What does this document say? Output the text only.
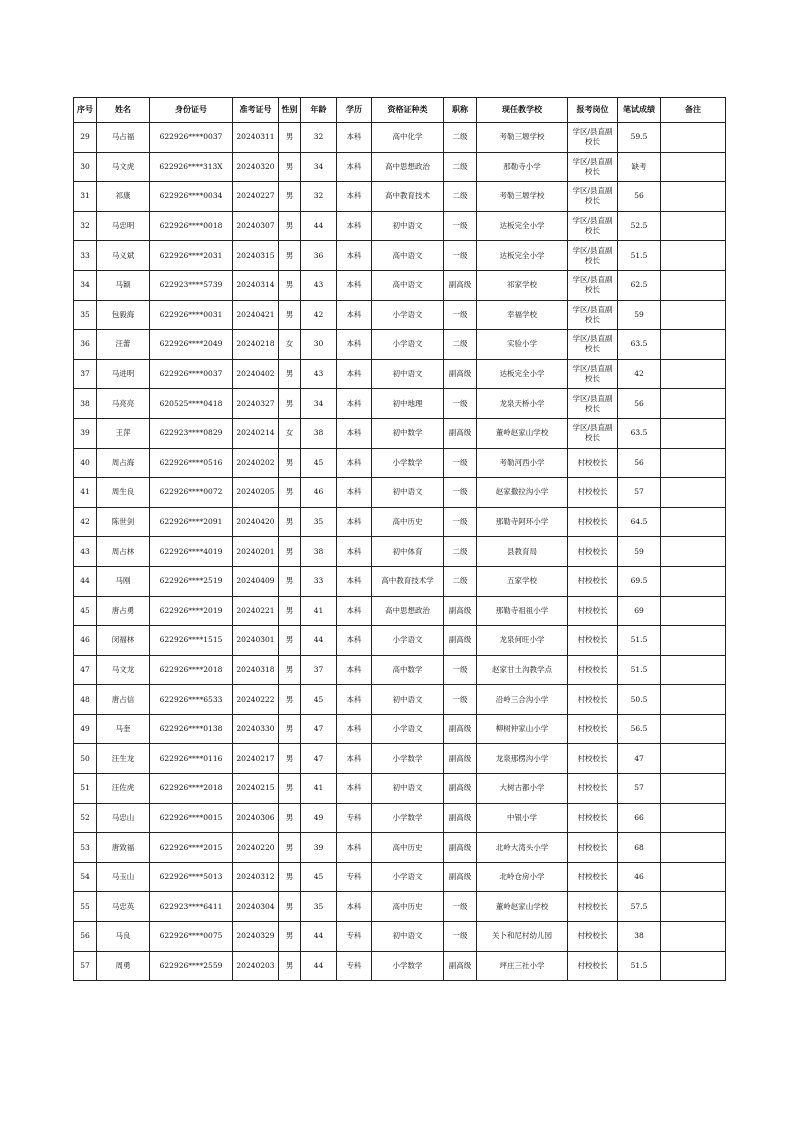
序号	姓名	身份证号	准考证号	性别	年龄	学历	资格证种类	职称	现任教学校	报考岗位	笔试成绩	备注
29	马占福	622926****0037	20240311	男	32	本科	高中化学	二级	考勒三塬学校	学区/县直副校长	59.5	
30	马文虎	622926****313X	20240320	男	34	本科	高中思想政治	二级	那勒寺小学	学区/县直副校长	缺考	
31	祁康	622926****0034	20240227	男	32	本科	高中教育技术	二级	考勒三塬学校	学区/县直副校长	56	
32	马忠明	622926****0018	20240307	男	44	本科	初中语文	一级	达板完全小学	学区/县直副校长	52.5	
33	马义斌	622926****2031	20240315	男	36	本科	高中语文	一级	达板完全小学	学区/县直副校长	51.5	
34	马颖	622923****5739	20240314	男	43	本科	高中语文	副高级	祁家学校	学区/县直副校长	62.5	
35	包毅海	622926****0031	20240421	男	42	本科	小学语文	一级	幸福学校	学区/县直副校长	59	
36	汪蕾	622926****2049	20240218	女	30	本科	小学语文	二级	实验小学	学区/县直副校长	63.5	
37	马进明	622926****0037	20240402	男	43	本科	初中语文	副高级	达板完全小学	学区/县直副校长	42	
38	马亮亮	620525****0418	20240327	男	34	本科	初中地理	一级	龙泉天桥小学	学区/县直副校长	56	
39	王萍	622923****0829	20240214	女	38	本科	初中数学	副高级	董岭赵家山学校	学区/县直副校长	63.5	
40	周占海	622926****0516	20240202	男	45	本科	小学数学	一级	考勒河西小学	村校校长	56	
41	周生良	622926****0072	20240205	男	46	本科	初中语文	一级	赵家撒拉沟小学	村校校长	57	
42	陈世剑	622926****2091	20240420	男	35	本科	高中历史	一级	那勒寺阿环小学	村校校长	64.5	
43	周占林	622926****4019	20240201	男	38	本科	初中体育	二级	县教育局	村校校长	59	
44	马刚	622926****2519	20240409	男	33	本科	高中教育技术学	二级	五家学校	村校校长	69.5	
45	唐占勇	622926****2019	20240221	男	41	本科	高中思想政治	副高级	那勒寺祖祖小学	村校校长	69	
46	闵福林	622926****1515	20240301	男	44	本科	小学语文	副高级	龙泉何旺小学	村校校长	51.5	
47	马文龙	622926****2018	20240318	男	37	本科	高中数学	一级	赵家甘土沟教学点	村校校长	51.5	
48	唐占信	622926****6533	20240222	男	45	本科	初中语文	一级	沿岭三合沟小学	村校校长	50.5	
49	马奎	622926****0138	20240330	男	47	本科	小学语文	副高级	柳树仲家山小学	村校校长	56.5	
50	汪生龙	622926****0116	20240217	男	47	本科	小学数学	副高级	龙泉那楞沟小学	村校校长	47	
51	汪佐虎	622926****2018	20240215	男	41	本科	初中语文	副高级	大树古都小学	村校校长	57	
52	马忠山	622926****0015	20240306	男	49	专科	小学数学	副高级	中银小学	村校校长	66	
53	唐致福	622926****2015	20240220	男	39	本科	高中历史	副高级	北岭大湾头小学	村校校长	68	
54	马玉山	622926****5013	20240312	男	45	专科	小学语文	副高级	北岭仓房小学	村校校长	46	
55	马忠英	622923****6411	20240304	男	35	本科	高中历史	一级	董岭赵家山学校	村校校长	57.5	
56	马良	622926****0075	20240329	男	44	专科	初中语文	一级	关卜和尼村幼儿园	村校校长	38	
57	周勇	622926****2559	20240203	男	44	专科	小学数学	副高级	坪庄三社小学	村校校长	51.5	
